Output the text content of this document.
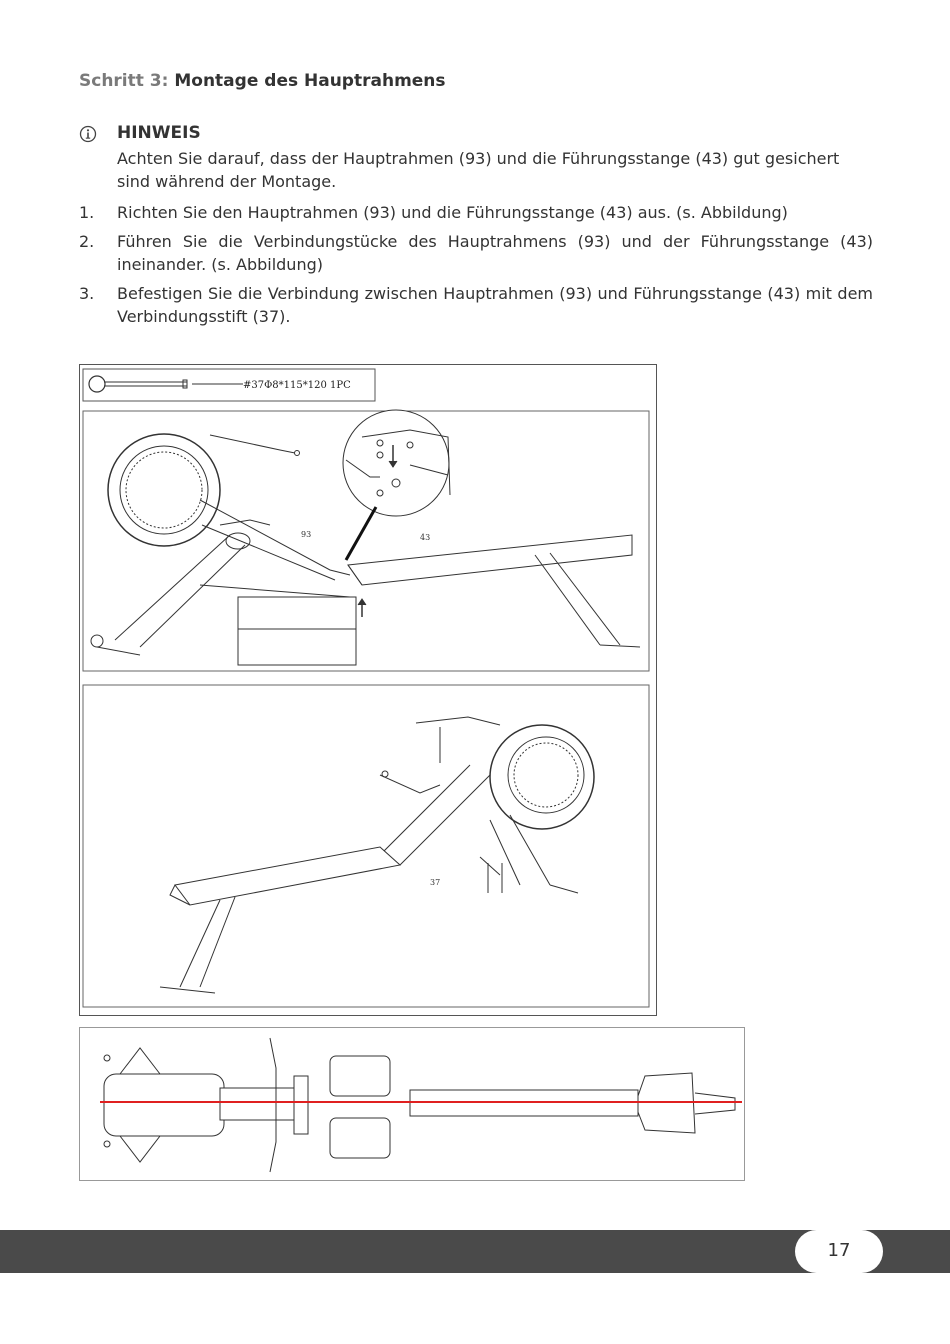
Schritt 3: Montage des Hauptrahmens
HINWEIS
Achten Sie darauf, dass der Hauptrahmen (93) und die Führungsstange (43) gut gesichert sind während der Montage.
1.	Richten Sie den Hauptrahmen (93) und die Führungsstange (43) aus. (s. Abbildung)
2.	Führen Sie die Verbindungstücke des Hauptrahmens (93) und der Führungsstange (43) ineinander. (s. Abbildung)
3.	Befestigen Sie die Verbindung zwischen Hauptrahmen (93) und Führungsstange (43) mit dem Verbindungsstift (37).
#37Φ8*115*120 1PC
93	43
37
17
